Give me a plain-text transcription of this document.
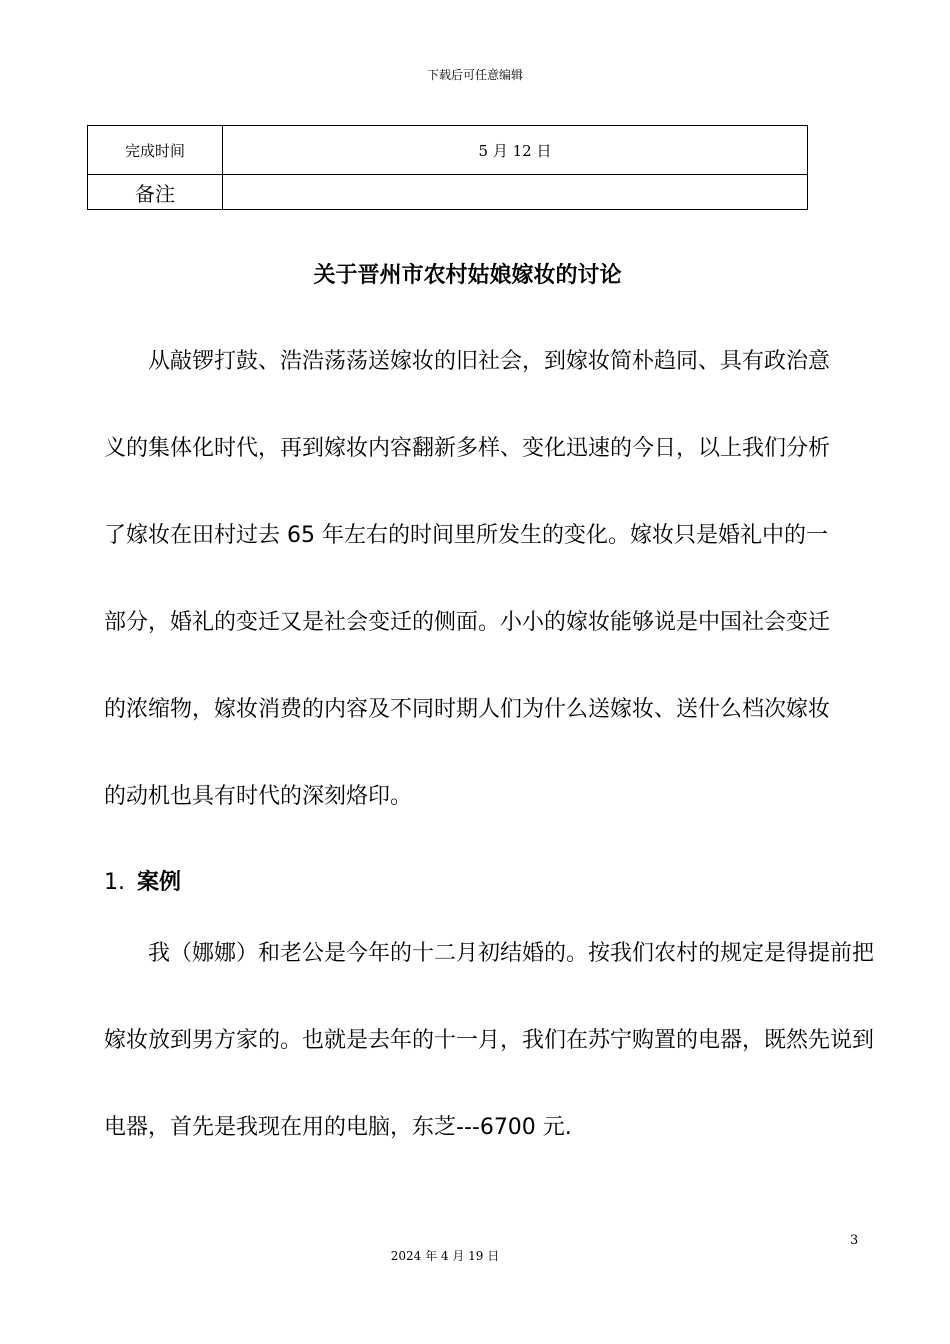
下载后可任意编辑
完成时间	5 月 12 日
备注	
关于晋州市农村姑娘嫁妆的讨论

从敲锣打鼓、浩浩荡荡送嫁妆的旧社会，到嫁妆简朴趋同、具有政治意义的集体化时代，再到嫁妆内容翻新多样、变化迅速的今日，以上我们分析了嫁妆在田村过去 65 年左右的时间里所发生的变化。嫁妆只是婚礼中的一部分，婚礼的变迁又是社会变迁的侧面。小小的嫁妆能够说是中国社会变迁的浓缩物，嫁妆消费的内容及不同时期人们为什么送嫁妆、送什么档次嫁妆的动机也具有时代的深刻烙印。

1. 案例

我（娜娜）和老公是今年的十二月初结婚的。按我们农村的规定是得提前把嫁妆放到男方家的。也就是去年的十一月，我们在苏宁购置的电器，既然先说到电器，首先是我现在用的电脑，东芝---6700 元.

3
2024 年 4 月 19 日
